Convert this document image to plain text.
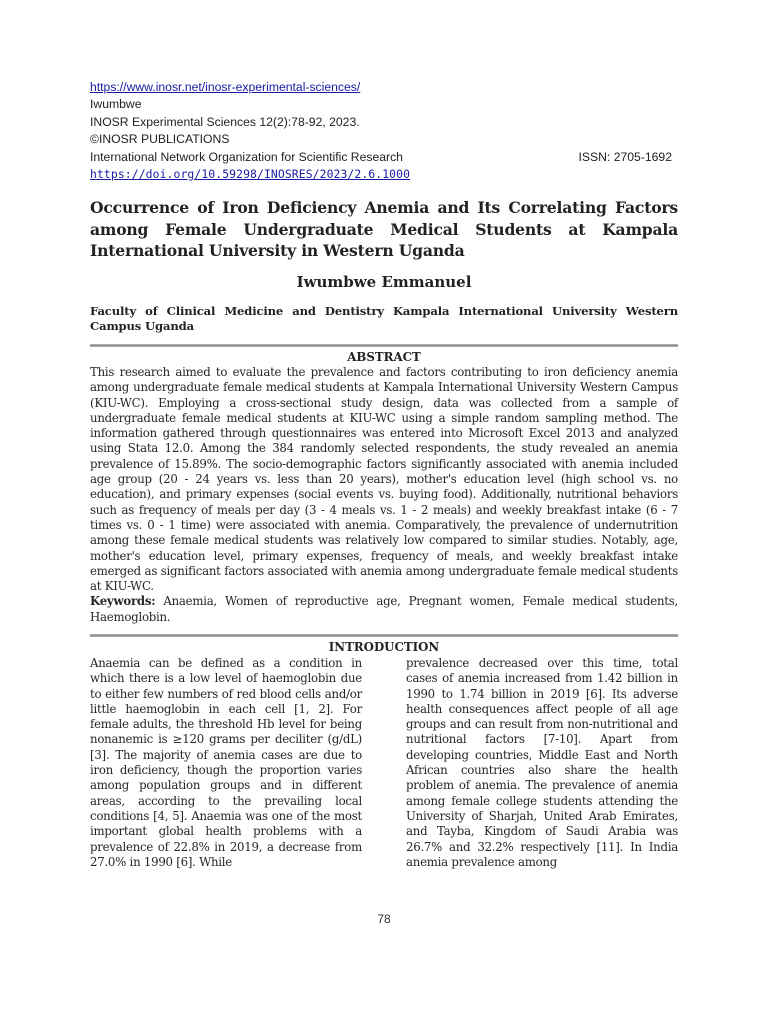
https://www.inosr.net/inosr-experimental-sciences/
Iwumbwe
INOSR Experimental Sciences 12(2):78-92, 2023.
©INOSR PUBLICATIONS
International Network Organization for Scientific Research	ISSN: 2705-1692
https://doi.org/10.59298/INOSRES/2023/2.6.1000
Occurrence of Iron Deficiency Anemia and Its Correlating Factors among Female Undergraduate Medical Students at Kampala International University in Western Uganda
Iwumbwe Emmanuel
Faculty of Clinical Medicine and Dentistry Kampala International University Western Campus Uganda
ABSTRACT
This research aimed to evaluate the prevalence and factors contributing to iron deficiency anemia among undergraduate female medical students at Kampala International University Western Campus (KIU-WC). Employing a cross-sectional study design, data was collected from a sample of undergraduate female medical students at KIU-WC using a simple random sampling method. The information gathered through questionnaires was entered into Microsoft Excel 2013 and analyzed using Stata 12.0. Among the 384 randomly selected respondents, the study revealed an anemia prevalence of 15.89%. The socio-demographic factors significantly associated with anemia included age group (20 - 24 years vs. less than 20 years), mother's education level (high school vs. no education), and primary expenses (social events vs. buying food). Additionally, nutritional behaviors such as frequency of meals per day (3 - 4 meals vs. 1 - 2 meals) and weekly breakfast intake (6 - 7 times vs. 0 - 1 time) were associated with anemia. Comparatively, the prevalence of undernutrition among these female medical students was relatively low compared to similar studies. Notably, age, mother's education level, primary expenses, frequency of meals, and weekly breakfast intake emerged as significant factors associated with anemia among undergraduate female medical students at KIU-WC.
Keywords: Anaemia, Women of reproductive age, Pregnant women, Female medical students, Haemoglobin.
INTRODUCTION
Anaemia can be defined as a condition in which there is a low level of haemoglobin due to either few numbers of red blood cells and/or little haemoglobin in each cell [1, 2]. For female adults, the threshold Hb level for being nonanemic is ≥120 grams per deciliter (g/dL) [3]. The majority of anemia cases are due to iron deficiency, though the proportion varies among population groups and in different areas, according to the prevailing local conditions [4, 5]. Anaemia was one of the most important global health problems with a prevalence of 22.8% in 2019, a decrease from 27.0% in 1990 [6]. While
prevalence decreased over this time, total cases of anemia increased from 1.42 billion in 1990 to 1.74 billion in 2019 [6]. Its adverse health consequences affect people of all age groups and can result from non-nutritional and nutritional factors [7-10]. Apart from developing countries, Middle East and North African countries also share the health problem of anemia. The prevalence of anemia among female college students attending the University of Sharjah, United Arab Emirates, and Tayba, Kingdom of Saudi Arabia was 26.7% and 32.2% respectively [11]. In India anemia prevalence among
78
